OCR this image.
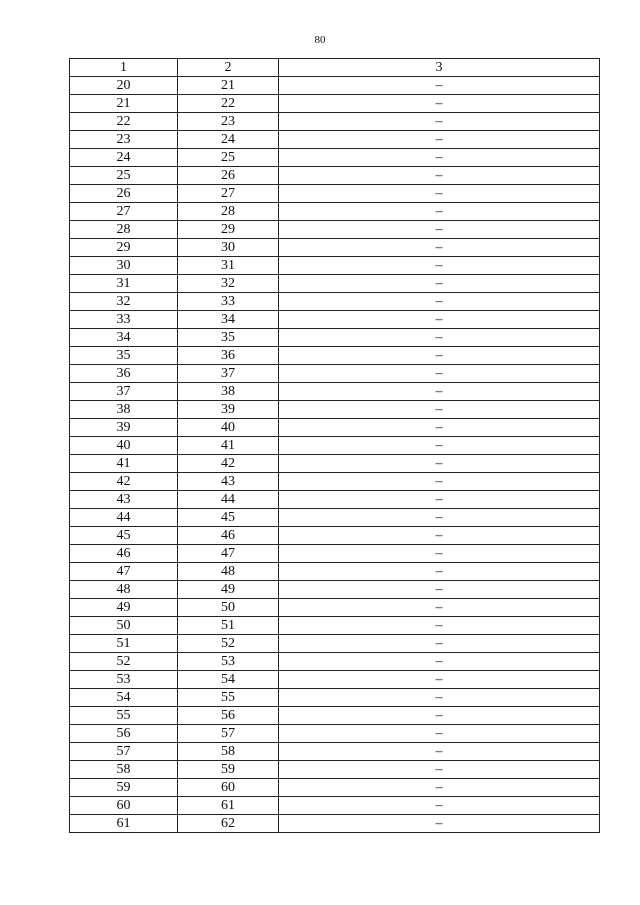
80
1	2	3
20	21	–
21	22	–
22	23	–
23	24	–
24	25	–
25	26	–
26	27	–
27	28	–
28	29	–
29	30	–
30	31	–
31	32	–
32	33	–
33	34	–
34	35	–
35	36	–
36	37	–
37	38	–
38	39	–
39	40	–
40	41	–
41	42	–
42	43	–
43	44	–
44	45	–
45	46	–
46	47	–
47	48	–
48	49	–
49	50	–
50	51	–
51	52	–
52	53	–
53	54	–
54	55	–
55	56	–
56	57	–
57	58	–
58	59	–
59	60	–
60	61	–
61	62	–
